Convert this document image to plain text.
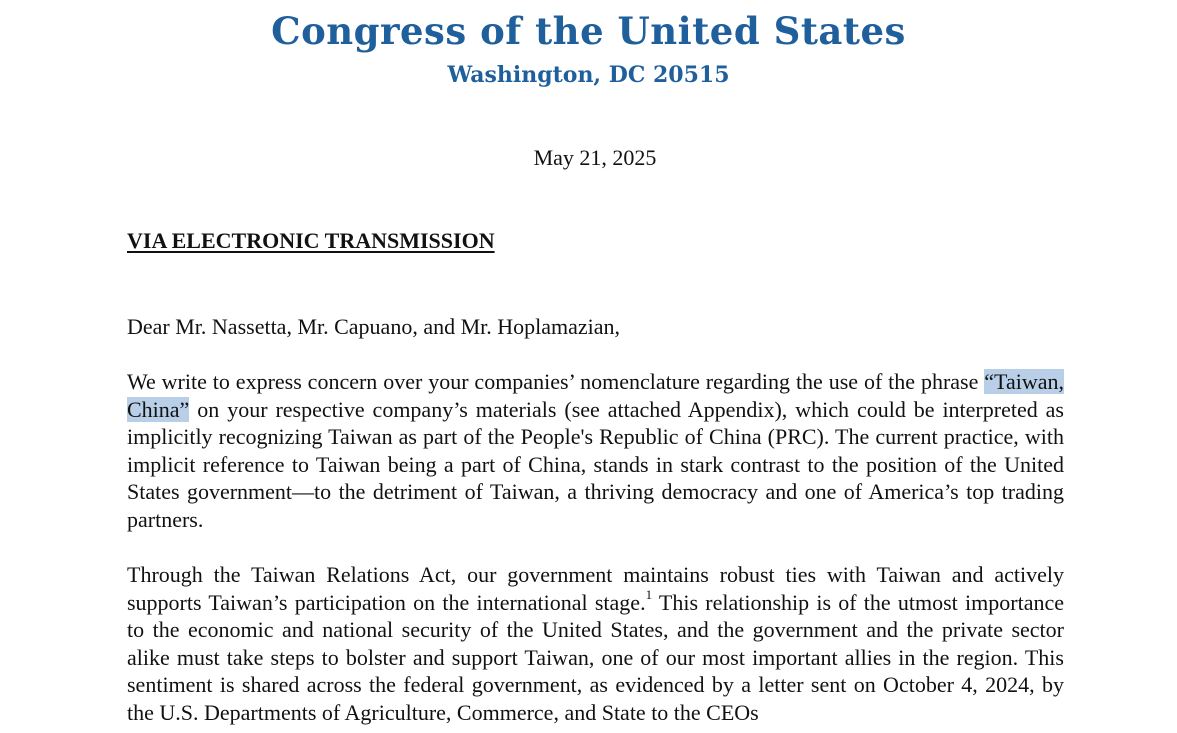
Congress of the United States
Washington, DC 20515
May 21, 2025
VIA ELECTRONIC TRANSMISSION

Dear Mr. Nassetta, Mr. Capuano, and Mr. Hoplamazian,

We write to express concern over your companies’ nomenclature regarding the use of the phrase “Taiwan, China” on your respective company’s materials (see attached Appendix), which could be interpreted as implicitly recognizing Taiwan as part of the People's Republic of China (PRC). The current practice, with implicit reference to Taiwan being a part of China, stands in stark contrast to the position of the United States government—to the detriment of Taiwan, a thriving democracy and one of America’s top trading partners.

Through the Taiwan Relations Act, our government maintains robust ties with Taiwan and actively supports Taiwan’s participation on the international stage.$^1$ This relationship is of the utmost importance to the economic and national security of the United States, and the government and the private sector alike must take steps to bolster and support Taiwan, one of our most important allies in the region. This sentiment is shared across the federal government, as evidenced by a letter sent on October 4, 2024, by the U.S. Departments of Agriculture, Commerce, and State to the CEOs
